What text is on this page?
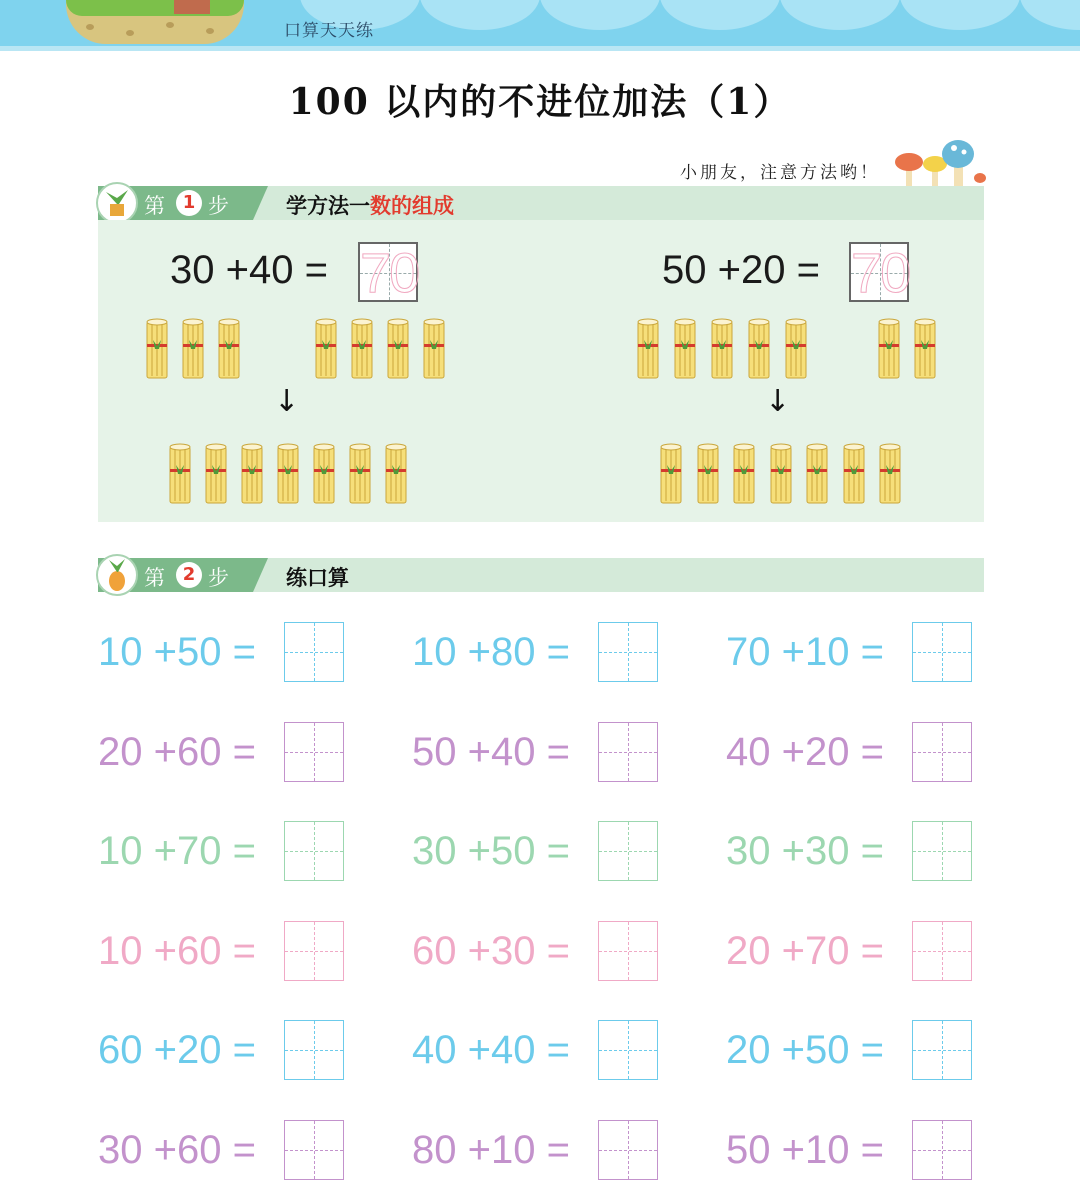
口算天天练
100 以内的不进位加法（1）
小朋友，注意方法哟！
第 1 步	学方法一数的组成
30 +40 = 70
↓
50 +20 = 70
↓
第 2 步	练口算
10 +50 =	10 +80 =	70 +10 =
20 +60 =	50 +40 =	40 +20 =
10 +70 =	30 +50 =	30 +30 =
10 +60 =	60 +30 =	20 +70 =
60 +20 =	40 +40 =	20 +50 =
30 +60 =	80 +10 =	50 +10 =
